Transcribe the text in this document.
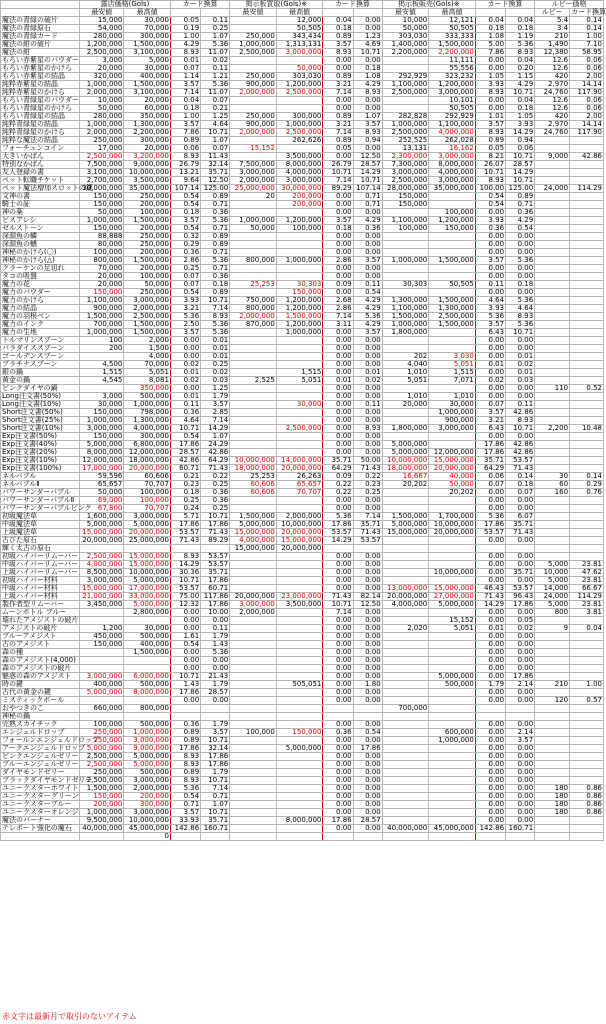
	露店価格(Gols)		カード換算		掲示板買取(Gols)※		カード換算		掲示板販売(Gols)※		カード換算		ルビー価格	
	最安値	最高値			最安値	最高値			最安値	最高値			ルビー	カード換算
魔法の青緑の破片	15,000	30,000	0.05	0.11		12,000	0.04	0.00	10,000	12,121	0.04	0.04	5.4	0.14
魔法の青緑原石	54,000	70,000	0.19	0.25		50,505	0.18	0.00	50,000	50,505	0.18	0.18	3.4	0.14
魔法の青緑カード	280,000	300,000	1.00	1.07	250,000	343,434	0.89	1.23	303,030	333,333	1.08	1.19	210	1.00
魔法の紺の破片	1,200,000	1,500,000	4.29	5.36	1,000,000	1,313,131	3.57	4.69	1,400,000	1,500,000	5.00	5.36	1,490	7.10
魔法の紺	2,500,000	3,100,000	8.93	11.07	2,500,000	3,000,000	8.93	10.71	2,200,000	2,200,000	7.86	8.93	12,380	58.95
もろい赤紫星のパウダー	3,000	5,000	0.01	0.02			0.00	0.00		11,111	0.00	0.04	12.6	0.06
もろい赤紫星のかけら	20,000	30,000	0.07	0.11		50,000	0.00	0.18		55,556	0.00	0.20	12.6	0.06
もろい赤紫星の結晶	320,000	400,000	1.14	1.21	250,000	303,030	0.89	1.08	292,929	323,232	1.05	1.15	420	2.00
純粋赤紫星の結晶	1,000,000	1,500,000	3.57	5.36	900,000	1,200,000	3.21	4.29	1,100,000	1,200,000	3.93	4.29	2,970	14.14
純粋赤紫星のかけら	2,000,000	3,100,000	7.14	11.07	2,000,000	2,500,000	7.14	8.93	2,500,000	3,000,000	8.93	10.71	24,760	117.90
もろい青緑星のパウダー	10,000	20,000	0.04	0.07			0.00	0.00		10,101	0.00	0.04	12.6	0.06
もろい青緑星のかけら	50,000	60,000	0.18	0.21			0.00	0.00		50,505	0.00	0.18	12.6	0.06
もろい青緑星の結晶	280,000	350,000	1.00	1.25	250,000	300,000	0.89	1.07	282,828	292,929	1.01	1.05	420	2.00
純粋青緑星の結晶	1,000,000	1,300,000	3.57	4.64	900,000	1,000,000	3.21	3.57	1,000,000	1,100,000	3.57	3.93	2,970	14.14
純粋青緑星のかけら	2,000,000	2,200,000	7.86	10.71	2,000,000	2,500,000	7.14	8.93	2,500,000	4,000,000	8.93	14.29	24,760	117.90
純粋な魔法の結晶	250,000	300,000	0.89	1.07		262,626	0.89	0.94	252,525	262,028	0.89	0.94		
フォーチュンコイン	17,000	20,000	0.06	0.07	15,152		0.05	0.00	13,131	16,162	0.05	0.06		
大きいかばん	2,500,000	3,200,000	8.93	11.43		3,500,000	0.00	12.50	2,300,000	3,000,000	8.21	10.71	9,000	42.86
特別なかばん	7,500,000	9,000,000	26.79	32.14	7,500,000	8,000,000	26.79	28.57	7,300,000	8,000,000	26.07	28.57		
友人登録の書	3,100,000	10,000,000	13.21	35.71	3,000,000	4,000,000	10.71	14.29	3,000,000	4,000,000	10.71	14.29		
ペット転職チケット	2,700,000	3,500,000	9.64	12.50	2,000,000	3,000,000	7.14	10.71	2,500,000	3,000,000	8.93	10.71		
ペット魔法増加スロットの鍵	30,000,000	35,000,000	107.14	125.00	25,000,000	30,000,000	89.29	107.14	28,000,000	35,000,000	100.00	125.00	24,000	114.29
文神の書	150,000	250,000	0.54	0.89	20	200,000	0.00	0.71	150,000		0.54	0.89		
騎士の証	150,000	200,000	0.54	0.71		200,000	0.00	0.71	150,000		0.54	0.71		
神の薬	50,000	100,000	0.18	0.36			0.00	0.00		100,000	0.00	0.36		
ピスアレシ	1,000,000	1,500,000	3.57	5.36	1,000,000	1,200,000	3.57	4.29	1,100,000	1,200,000	3.93	4.29		
ゼルストーン	150,000	200,000	0.54	0.71	50,000	100,000	0.18	0.36	100,000	150,000	0.36	0.54		
深淵魚の鱗	88,888	250,000	0.32	0.89			0.00	0.00			0.00	0.00		
深淵魚の鰭	80,000	250,000	0.29	0.89			0.00	0.00			0.00	0.00		
神秘のかけら(〇)	100,000	200,000	0.36	0.71			0.00	0.00			0.00	0.00		
神秘のかけら(△)	800,000	1,500,000	2.86	5.36	800,000	1,000,000	2.86	3.57	1,000,000	1,500,000	3.57	5.36		
クラーケンの足切れ	70,000	200,000	0.25	0.71			0.00	0.00			0.00	0.00		
タコの吸盤	20,000	100,000	0.07	0.36			0.00	0.00			0.00	0.00		
魔力の花	20,000	50,000	0.07	0.18	25,253	30,303	0.09	0.11	30,303	50,505	0.11	0.18		
魔力のパウダー	150,000	250,000	0.54	0.89		150,000	0.00	0.54			0.00	0.00		
魔力のかけら	1,100,000	3,000,000	3.93	10.71	750,000	1,200,000	2.68	4.29	1,300,000	1,500,000	4.64	5.36		
魔力の結晶	900,000	2,000,000	3.21	7.14	800,000	1,200,000	2.86	4.29	1,100,000	1,300,000	3.93	4.64		
魔力の羽根ペン	1,500,000	2,500,000	5.36	8.93	2,000,000	1,500,000	7.14	5.36	1,500,000	2,500,000	5.36	8.93		
魔力のインク	700,000	1,500,000	2.50	5.36	870,000	1,200,000	3.11	4.29	1,000,000	1,500,000	3.57	5.36		
魔力の生地	1,000,000	1,500,000	3.57	5.36		1,000,000	0.00	3.57	1,800,000		6.43	10.71		
トルマリンスプーン	100	2,000	0.00	0.01			0.00	0.00			0.00	0.00		
パラダイススプーン	200	1,500	0.00	0.01			0.00	0.00			0.00	0.00		
ゴールデンスプーン		4,000	0.00	0.01			0.00	0.00	202	3,030	0.00	0.01		
プラチナスプーン	4,500	70,000	0.02	0.25			0.00	0.00	4,040	5,051	0.01	0.02		
銀の鍋	1,515	5,051	0.01	0.02		1,515	0.00	0.01	1,010	1,515	0.00	0.01		
黄金の鍋	4,545	8,081	0.02	0.03	2,525	5,051	0.01	0.02	5,051	7,071	0.02	0.03		
ピンクダイヤの鍋		350,000	0.00	1.25			0.00	0.00			0.00	0.00	110	0.52
Long注文書(50%)	3,000	500,000	0.01	1.79			0.00	0.00	1,010	1,010	0.00	0.00		
Long注文書(10%)	30,000	1,000,000	0.11	3.57		30,000	0.00	0.11	20,000	30,000	0.07	0.11		
Short注文書(50%)	150,000	798,000	0.36	2.85			0.00	0.00		1,000,000	3.57	42.86		
Short注文書(25%)	1,000,000	1,300,000	4.64	7.14			0.00	0.00		900,000	3.21	8.93		
Short注文書(10%)	3,000,000	4,000,000	10.71	14.29		2,500,000	0.00	8.93	1,800,000	3,000,000	6.43	10.71	2,200	10.48
Exp注文書(50%)	150,000	300,000	0.54	1.07			0.00	0.00			0.00	0.00		
Exp注文書(40%)	5,000,000	6,800,000	17.86	24.29			0.00	0.00	5,000,000		17.86	42.86		
Exp注文書(20%)	8,000,000	12,000,000	28.57	42.86			0.00	0.00	5,000,000	12,000,000	17.86	42.86		
Exp注文書(10%)	12,000,000	18,000,000	42.86	64.29	10,000,000	14,000,000	35.71	50.00	10,000,000	15,000,000	35.71	53.57		
Exp注文書(100%)	17,000,000	20,000,000	60.71	71.43	18,000,000	20,000,000	64.29	71.43	18,000,000	20,000,000	64.29	71.43		
ネルバブル	59,596	60,606	0.21	0.22	25,253	26,263	0.09	0.22	16,667	40,000	0.06	0.14	30	0.14
ネルバブルⅡ	65,657	70,707	0.23	0.25	60,606	65,657	0.22	0.23	20,202	50,000	0.07	0.18	60	0.29
パワーサンダーバブル	50,000	100,000	0.18	0.36	60,606	70,707	0.22	0.25		20,202	0.00	0.07	160	0.76
パワーサンダーバブルⅡ	69,000	100,000	0.25	0.36			0.00	0.00			0.00	0.00		
パワーサンダーバブルピンク	67,800	70,707	0.24	0.25			0.00	0.00			0.00	0.00		
初級魔法草	1,600,000	3,000,000	5.71	10.71	1,500,000	2,000,000	5.36	7.14	1,500,000	1,700,000	5.36	6.07		
中級魔法草	5,000,000	5,000,000	17.86	17.86	5,000,000	10,000,000	17.86	35.71	5,000,000	10,000,000	17.86	35.71		
上級魔法草	15,000,000	20,000,000	53.57	71.43	15,000,000	20,000,000	53.57	71.43	15,000,000	20,000,000	53.57	71.43		
古びた原石	20,000,000	25,000,000	71.43	89.29	4,000,000	15,000,000	14.29	53.57			0.00	0.00		
輝く太古の原石					15,000,000	20,000,000								
初級ハイパーリムーバー	2,500,000	15,000,000	8.93	53.57			0.00	0.00			0.00	0.00		
中級ハイパーリムーバー	4,000,000	15,000,000	14.29	53.57			0.00	0.00			0.00	0.00	5,000	23.81
上級ハイパーリムーバー	8,500,000	10,000,000	30.36	35.71			0.00	0.00		10,000,000	0.00	35.71	10,000	47.62
初級ハイパー材料	3,000,000	5,000,000	10.71	17.86			0.00	0.00			0.00	0.00	5,000	23.81
中級ハイパー材料	15,000,000	17,000,000	53.57	60.71			0.00	0.00	13,000,000	15,000,000	46.43	53.57	14,000	66.67
上級ハイパー材料	21,000,000	33,000,000	75.00	117.86	20,000,000	23,000,000	71.43	82.14	20,000,000	27,000,000	71.43	96.43	24,000	114.29
製作者型リムーバー	3,450,000	5,000,000	12.32	17.86	3,000,000	3,500,000	10.71	12.50	4,000,000	5,000,000	14.29	17.86	5,000	23.81
ムーンボトル ブルー		2,800,000	0.00	10.00	2,000,000		7.14	0.00			0.00	0.00	800	3.81
壊れたアメジストの破片			0.00	0.00			0.00	0.00		15,152	0.00	0.05		
アメジストの破片	1,200	30,000	0.00	0.11			0.00	0.00	2,020	5,051	0.01	0.02	9	0.04
ブルーアメジスト	450,000	500,000	1.61	1.79			0.00	0.00			0.00	0.00		
古のアメジスト	150,000	400,000	0.54	1.43			0.00	0.00			0.00	0.00		
森の種		1,500,000	0.00	5.36			0.00	0.00			0.00	0.00		
森のアメジスト(4,000)			0.00	0.00			0.00	0.00			0.00	0.00		
森のアメジストの破片			0.00	0.00			0.00	0.00			0.00	0.00		
魅惑の森のアメジスト	3,000,000	6,000,000	10.71	21.43			0.00	0.00		5,000,000	0.00	17.86		
時の鍵	400,000	500,000	1.43	1.79		505,051	0.00	1.80		500,000	1.79	2.14	210	1.00
古代の黄金の鍵	5,000,000	8,000,000	17.86	28.57			0.00	0.00			0.00	0.00		
ミスティックボール			0.00	0.00			0.00	0.00			0.00	0.00	120	0.57
おやつきのこ	660,000	800,000							700,000					
神秘の鍋														
完熟スカイチック	100,000	500,000	0.36	1.79			0.00	0.00			0.00	0.00		
エンジェルドロップ	250,000	1,000,000	0.89	3.57	100,000	150,000	0.36	0.54		600,000	0.00	2.14		
フォールンエンジェルドロップ	250,000	3,000,000	0.89	10.71			0.00	0.00		1,000,000	0.00	3.57		
アークエンジェルドロップ	5,000,000	9,000,000	17.86	32.14		5,000,000	0.00	17.86			0.00	0.00		
ピンクエンジェルゼリー	2,500,000	5,000,000	8.93	17.86			0.00	0.00			0.00	0.00		
ブルーエンジェルゼリー	2,500,000	5,000,000	8.93	17.86			0.00	0.00			0.00	0.00		
ダイヤモンドゼリー	250,000	500,000	0.89	1.79			0.00	0.00			0.00	0.00		
ブラックダイヤモンドゼリー	2,500,000	3,000,000	8.93	10.71			0.00	0.00			0.00	0.00		
ユニークスターホワイト	1,500,000	2,000,000	5.36	7.14			0.00	0.00			0.00	0.00	180	0.86
ユニークスターグリーン	150,000	200,000	0.54	0.71			0.00	0.00			0.00	0.00	180	0.86
ユニークスターブルー	200,000	300,000	0.71	1.07			0.00	0.00			0.00	0.00	180	0.86
ユニークスターオレンジ	1,000,000	3,000,000	3.57	10.71			0.00	0.00			0.00	0.00	180	0.86
魔法のバーナー	9,500,000	10,000,000	33.93	35.71		8,000,000	17.86	28.57			0.00	0.00		
テレポート強化の魔石	40,000,000	45,000,000	142.86	160.71			0.00	0.00	40,000,000	45,000,000	142.86	160.71		
		0												
赤文字は最新月で取引のないアイテム
